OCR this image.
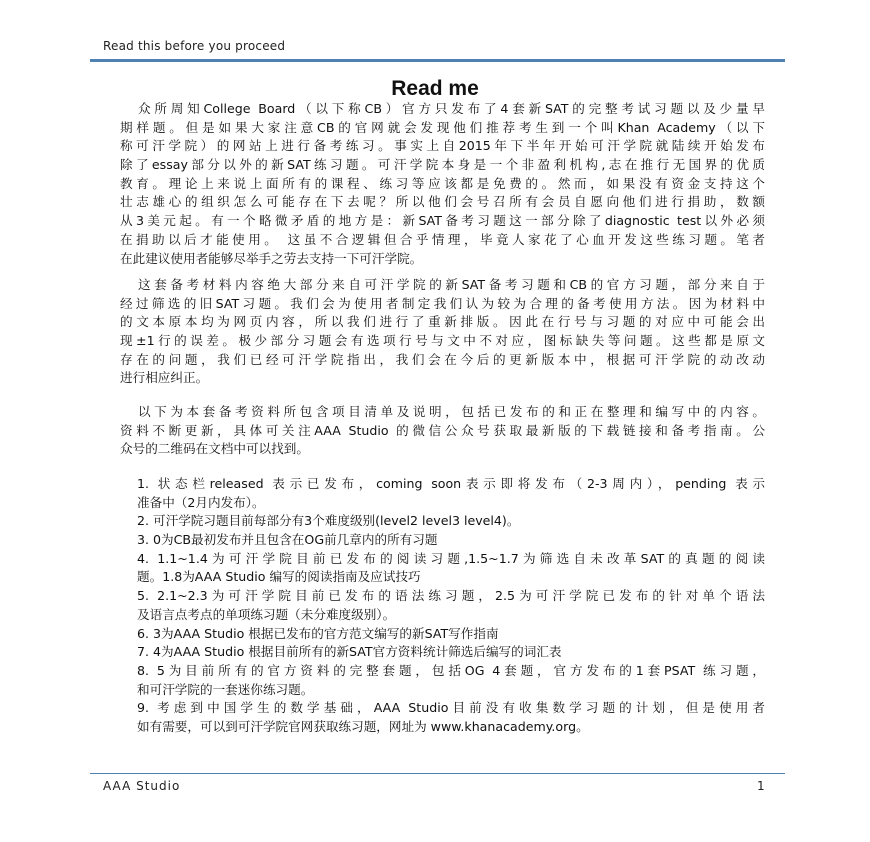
Read this before you proceed
Read me
众所周知College Board（以下称CB）官方只发布了4套新SAT的完整考试习题以及少量早
期样题。但是如果大家注意CB的官网就会发现他们推荐考生到一个叫Khan Academy（以下
称可汗学院）的网站上进行备考练习。事实上自2015年下半年开始可汗学院就陆续开始发布
除了essay部分以外的新SAT练习题。可汗学院本身是一个非盈利机构,志在推行无国界的优质
教育。理论上来说上面所有的课程、练习等应该都是免费的。然而，如果没有资金支持这个
壮志雄心的组织怎么可能存在下去呢？所以他们会号召所有会员自愿向他们进行捐助，数额
从3美元起。有一个略微矛盾的地方是：新SAT备考习题这一部分除了diagnostic test以外必须
在捐助以后才能使用。 这虽不合逻辑但合乎情理，毕竟人家花了心血开发这些练习题。笔者
在此建议使用者能够尽举手之劳去支持一下可汗学院。
这套备考材料内容绝大部分来自可汗学院的新SAT备考习题和CB的官方习题，部分来自于
经过筛选的旧SAT习题。我们会为使用者制定我们认为较为合理的备考使用方法。因为材料中
的文本原本均为网页内容，所以我们进行了重新排版。因此在行号与习题的对应中可能会出
现±1行的误差。极少部分习题会有选项行号与文中不对应，图标缺失等问题。这些都是原文
存在的问题，我们已经可汗学院指出，我们会在今后的更新版本中，根据可汗学院的动改动
进行相应纠正。
以下为本套备考资料所包含项目清单及说明，包括已发布的和正在整理和编写中的内容。
资料不断更新，具体可关注AAA Studio 的微信公众号获取最新版的下载链接和备考指南。公
众号的二维码在文档中可以找到。
1. 状态栏released 表示已发布，coming soon表示即将发布（2-3周内），pending 表示
准备中（2月内发布）。
2. 可汗学院习题目前每部分有3个难度级别(level2 level3 level4)。
3. 0为CB最初发布并且包含在OG前几章内的所有习题
4. 1.1~1.4为可汗学院目前已发布的阅读习题,1.5~1.7为筛选自未改革SAT的真题的阅读
题。1.8为AAA Studio 编写的阅读指南及应试技巧
5. 2.1~2.3为可汗学院目前已发布的语法练习题，2.5为可汗学院已发布的针对单个语法
及语言点考点的单项练习题（未分难度级别）。
6. 3为AAA Studio 根据已发布的官方范文编写的新SAT写作指南
7. 4为AAA Studio 根据目前所有的新SAT官方资料统计筛选后编写的词汇表
8. 5为目前所有的官方资料的完整套题，包括OG 4套题，官方发布的1套PSAT 练习题，
和可汗学院的一套迷你练习题。
9. 考虑到中国学生的数学基础，AAA Studio目前没有收集数学习题的计划，但是使用者
如有需要，可以到可汗学院官网获取练习题，网址为 www.khanacademy.org。
AAA Studio	1
